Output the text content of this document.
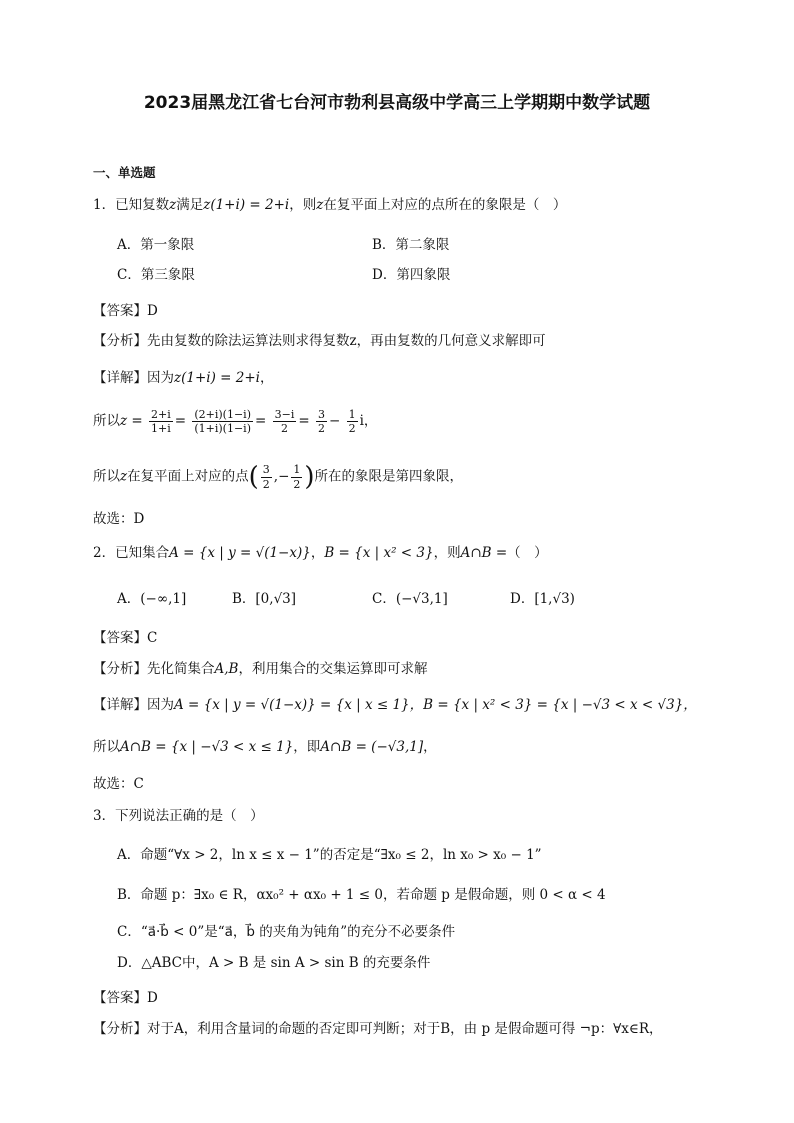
2023届黑龙江省七台河市勃利县高级中学高三上学期期中数学试题
一、单选题
1．已知复数z满足z(1+i) = 2+i，则z在复平面上对应的点所在的象限是（　）
A．第一象限	B．第二象限
C．第三象限	D．第四象限
【答案】D
【分析】先由复数的除法运算法则求得复数z，再由复数的几何意义求解即可
【详解】因为z(1+i) = 2+i，
所以$z = \frac{2+i}{1+i} = \frac{(2+i)(1-i)}{(1+i)(1-i)} = \frac{3-i}{2} = \frac{3}{2} - \frac{1}{2}$ i，
所以z在复平面上对应的点( $\frac{3}{2}$ ,− $\frac{1}{2}$ )所在的象限是第四象限，
故选：D
2．已知集合A = {x | y = √(1−x)}，B = {x | x² < 3}，则A∩B =（　）
A．(−∞,1]	B．[0,√3]	C．(−√3,1]	D．[1,√3)
【答案】C
【分析】先化简集合A,B，利用集合的交集运算即可求解
【详解】因为A = {x | y = √(1−x)} = {x | x ≤ 1}，B = {x | x² < 3} = {x | −√3 < x < √3}，
所以A∩B = {x | −√3 < x ≤ 1}，即A∩B = (−√3,1]，
故选：C
3．下列说法正确的是（　）
A．命题“∀x > 2，ln x ≤ x − 1”的否定是“∃x₀ ≤ 2，ln x₀ > x₀ − 1”
B．命题 p：∃x₀ ∈ R，αx₀² + αx₀ + 1 ≤ 0，若命题 p 是假命题，则 0 < α < 4
C．“a⃗·b⃗ < 0”是“a⃗，b⃗ 的夹角为钝角”的充分不必要条件
D．△ABC中，A > B 是 sin A > sin B 的充要条件
【答案】D
【分析】对于A，利用含量词的命题的否定即可判断；对于B，由 p 是假命题可得 ¬p：∀x∈R，
